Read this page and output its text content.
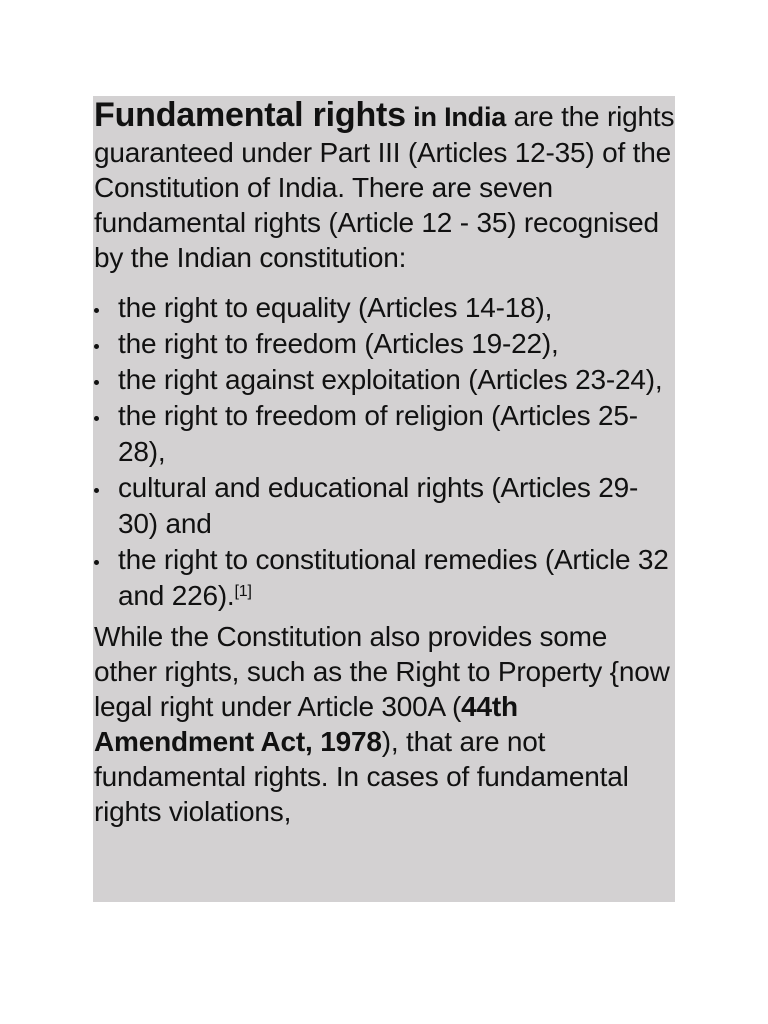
Fundamental rights in India are the rights guaranteed under Part III (Articles 12-35) of the Constitution of India. There are seven fundamental rights (Article 12 - 35) recognised by the Indian constitution:

the right to equality (Articles 14-18),
the right to freedom (Articles 19-22),
the right against exploitation (Articles 23-24),
the right to freedom of religion (Articles 25-28),
cultural and educational rights (Articles 29-30) and
the right to constitutional remedies (Article 32 and 226).[1]

While the Constitution also provides some other rights, such as the Right to Property {now legal right under Article 300A (44th Amendment Act, 1978), that are not fundamental rights. In cases of fundamental rights violations,
